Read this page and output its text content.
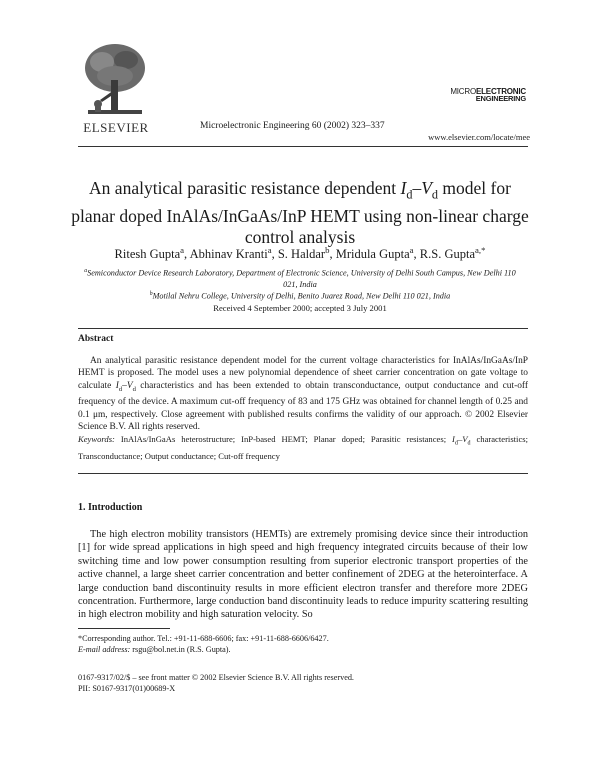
ELSEVIER	Microelectronic Engineering 60 (2002) 323–337
MICROELECTRONIC
ENGINEERING
www.elsevier.com/locate/mee
An analytical parasitic resistance dependent $I_d-V_d$ model for planar doped InAlAs/InGaAs/InP HEMT using non-linear charge control analysis
Ritesh Gupta$^a$, Abhinav Kranti$^a$, S. Haldar$^b$, Mridula Gupta$^a$, R.S. Gupta$^{a,*}$
$^a$Semiconductor Device Research Laboratory, Department of Electronic Science, University of Delhi South Campus, New Delhi 110 021, India
$^b$Motilal Nehru College, University of Delhi, Benito Juarez Road, New Delhi 110 021, India
Received 4 September 2000; accepted 3 July 2001
Abstract
An analytical parasitic resistance dependent model for the current voltage characteristics for InAlAs/InGaAs/InP HEMT is proposed. The model uses a new polynomial dependence of sheet carrier concentration on gate voltage to calculate $I_d-V_d$ characteristics and has been extended to obtain transconductance, output conductance and cut-off frequency of the device. A maximum cut-off frequency of 83 and 175 GHz was obtained for channel length of 0.25 and 0.1 μm, respectively. Close agreement with published results confirms the validity of our approach. © 2002 Elsevier Science B.V. All rights reserved.
Keywords: InAlAs/InGaAs heterostructure; InP-based HEMT; Planar doped; Parasitic resistances; $I_d-V_d$ characteristics; Transconductance; Output conductance; Cut-off frequency
1. Introduction
The high electron mobility transistors (HEMTs) are extremely promising device since their introduction [1] for wide spread applications in high speed and high frequency integrated circuits because of their low switching time and low power consumption resulting from superior electronic transport properties of the active channel, a large sheet carrier concentration and better confinement of 2DEG at the heterointerface. A large conduction band discontinuity results in more efficient electron transfer and therefore more 2DEG concentration. Furthermore, large conduction band discontinuity leads to reduce impurity scattering resulting in high electron mobility and high saturation velocity. So
*Corresponding author. Tel.: +91-11-688-6606; fax: +91-11-688-6606/6427.
E-mail address: rsgu@bol.net.in (R.S. Gupta).
0167-9317/02/$ – see front matter © 2002 Elsevier Science B.V. All rights reserved.
PII: S0167-9317(01)00689-X
